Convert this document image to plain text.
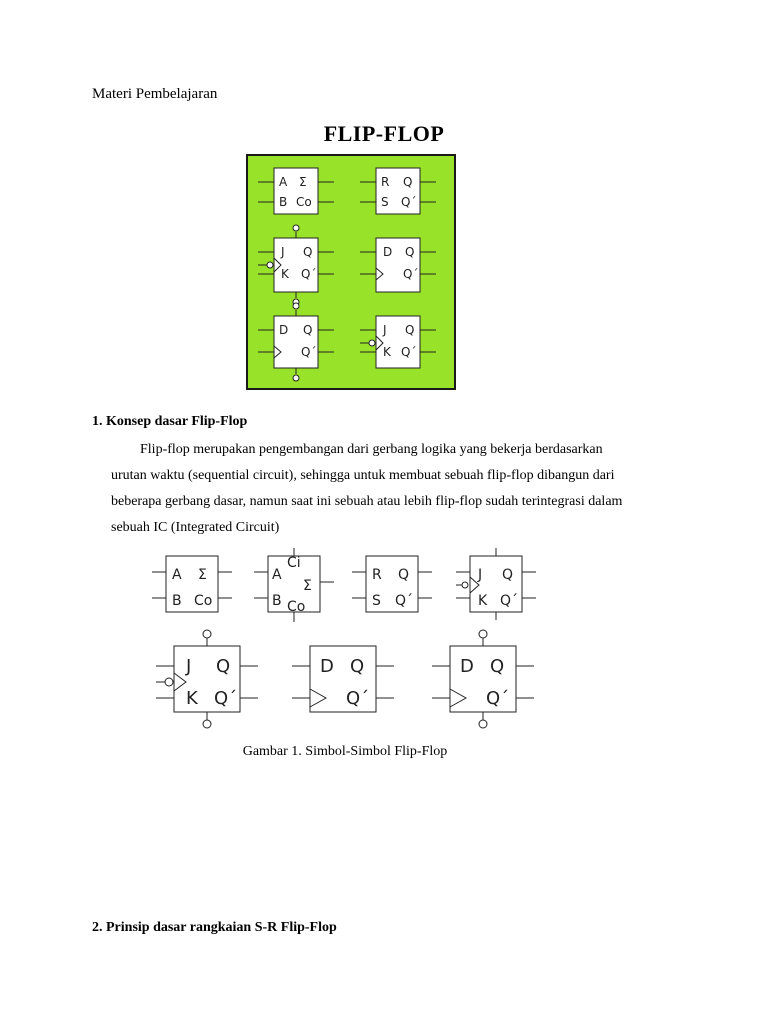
Materi Pembelajaran
FLIP-FLOP
A Σ
B Co
R Q
S Q´
J Q
K Q´
D Q
Q´
D Q
Q´
J Q
K Q´
1. Konsep dasar Flip-Flop
Flip-flop merupakan pengembangan dari gerbang logika yang bekerja berdasarkan
urutan waktu (sequential circuit), sehingga untuk membuat sebuah flip-flop dibangun dari
beberapa gerbang dasar, namun saat ini sebuah atau lebih flip-flop sudah terintegrasi dalam
sebuah IC (Integrated Circuit)
A Σ
B Co
A
Ci
Σ
B Co
R Q
S Q´
J Q
K Q´
J Q
K Q´
D Q
Q´
D Q
Q´
Gambar 1. Simbol-Simbol Flip-Flop
2. Prinsip dasar rangkaian S-R Flip-Flop
